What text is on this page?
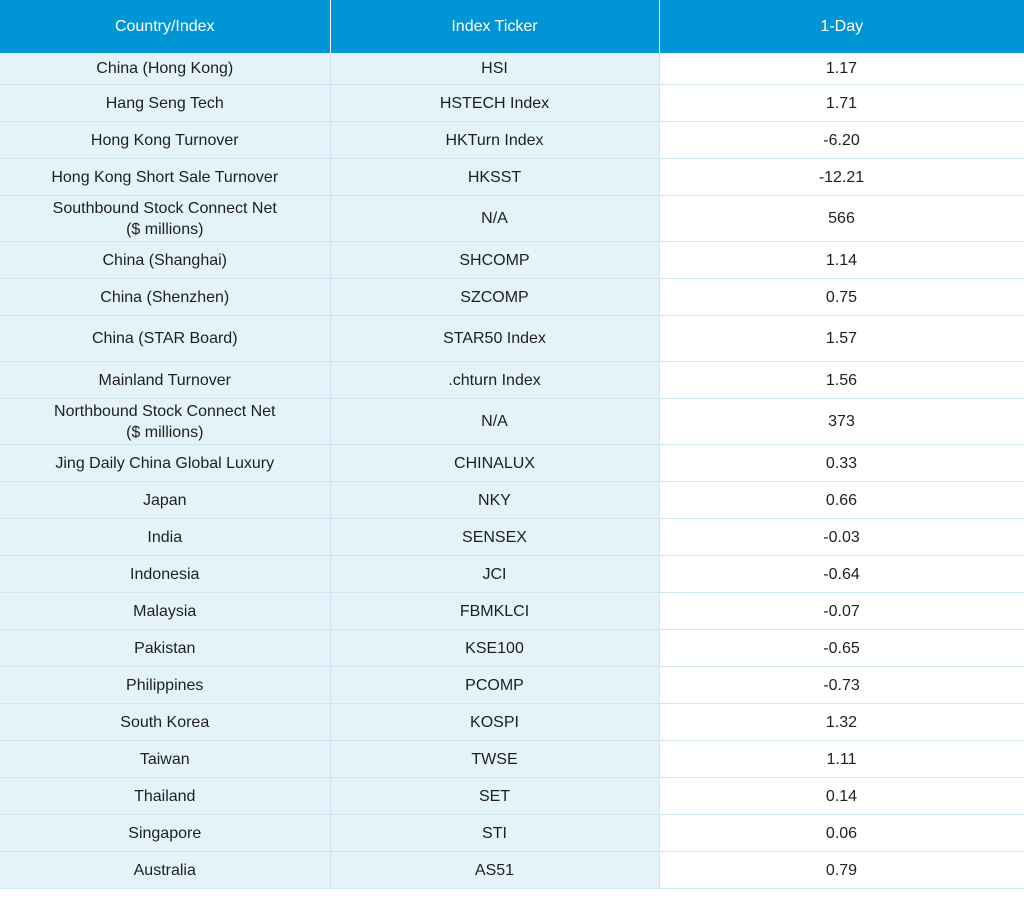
Country/Index	Index Ticker	1-Day
China (Hong Kong)	HSI	1.17
Hang Seng Tech	HSTECH Index	1.71
Hong Kong Turnover	HKTurn Index	-6.20
Hong Kong Short Sale Turnover	HKSST	-12.21
Southbound Stock Connect Net
($ millions)	N/A	566
China (Shanghai)	SHCOMP	1.14
China (Shenzhen)	SZCOMP	0.75
China (STAR Board)	STAR50 Index	1.57
Mainland Turnover	.chturn Index	1.56
Northbound Stock Connect Net
($ millions)	N/A	373
Jing Daily China Global Luxury	CHINALUX	0.33
Japan	NKY	0.66
India	SENSEX	-0.03
Indonesia	JCI	-0.64
Malaysia	FBMKLCI	-0.07
Pakistan	KSE100	-0.65
Philippines	PCOMP	-0.73
South Korea	KOSPI	1.32
Taiwan	TWSE	1.11
Thailand	SET	0.14
Singapore	STI	0.06
Australia	AS51	0.79
